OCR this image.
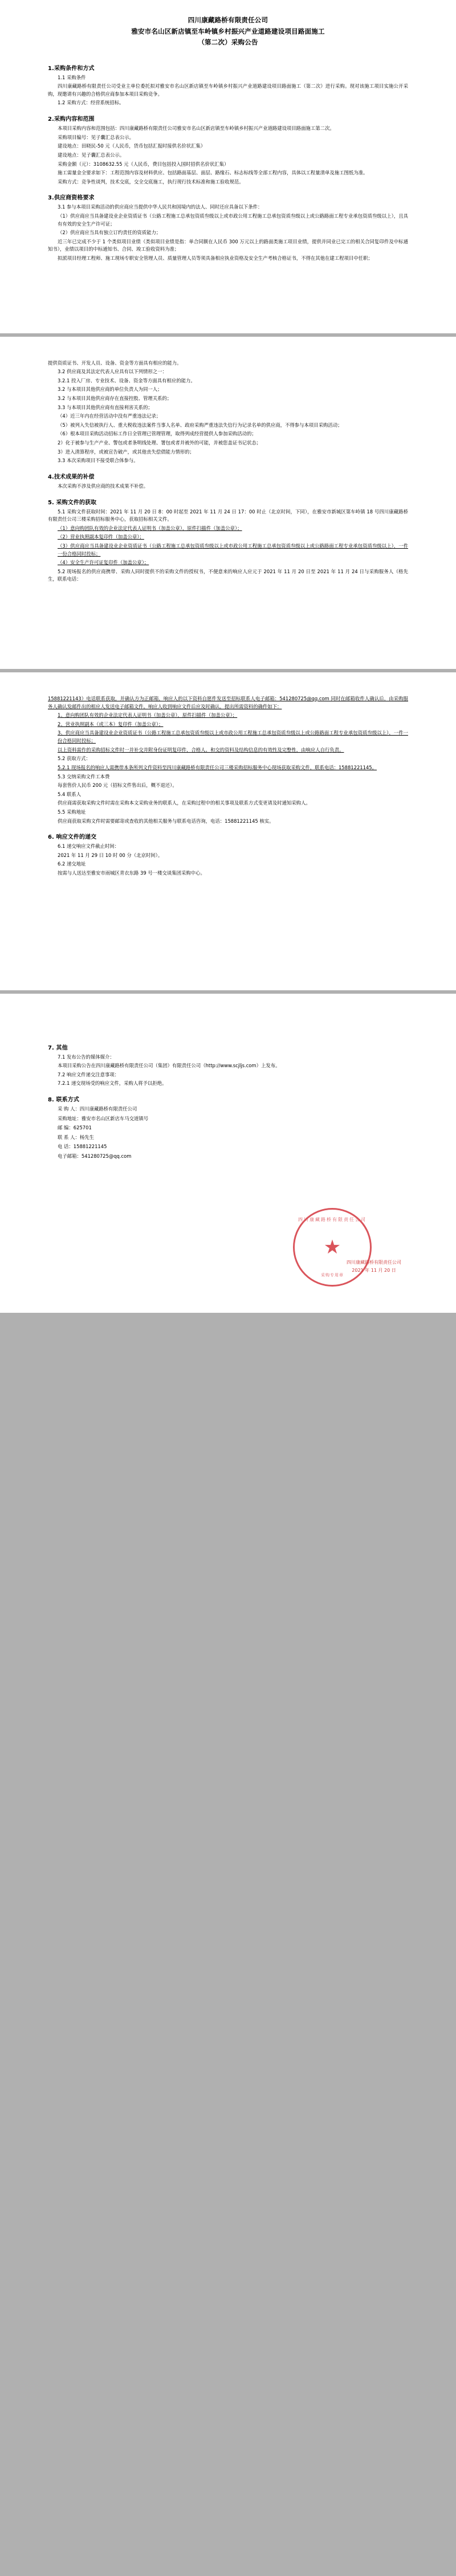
四川康藏路桥有限责任公司
雅安市名山区新店镇至车岭镇乡村振兴产业道路建设项目路面施工
（第二次）采购公告
1.采购条件和方式

1.1 采购条件

四川康藏路桥有限责任公司受业主单位委托拟对雅安市名山区新店镇至车岭镇乡村振兴产业道路建设项目路面施工（第二次）进行采购。现对该施工项目实施公开采购，现邀请有兴趣的合格供应商参加本项目采购竞争。

1.2 采购方式：经营系统招标。

2.采购内容和范围

本项目采购内容和范围包括：四川康藏路桥有限责任公司雅安市名山区新店镇至车岭镇乡村振兴产业道路建设项目路面施工第二次。

采购项目编号：见子囊汇总表公示。

建设地点：田晓民-50 元（人民币，货币包括汇报时接供名价状汇集）

建设地点：见子囊汇总表公示。

采购金额（元）：3108632.55 元（人民币，费目包括投入国时招供名价状汇集）

施工需量金全要求如下：工程范围内容及材料供应、包括路面基层、面层、路缘石、标志标线等全部工程内容，具体以工程量清单及施工图纸为准。

采购方式：竞争性谈判，技术交底，交全交底施工，执行现行技术标准和施工验收规范。

3.供应商资格要求

3.1 参与本项目采购活动的供应商应当提供中华人民共和国境内的法人、同时还应具备以下条件：

（1）供应商应当具备建设业企业资质证书（公路工程施工总承包资质叁级以上或市政公用工程施工总承包资质叁级以上或公路路面工程专业承包资质叁级以上），且具有有效的安全生产许可证；

（2）供应商应当具有独立订约责任的资质能力；

近三年已完成不少于 1 个类似项目业绩（类似项目业绩是指：单合同额在人民币 300 万元以上的路面类施工项目业绩，提供并同业已完工的相关合同复印件及中标通知书），业绩以项目的中标通知书、合同、竣工验收资料为准；

拟派项目经理工程师、施工现场专职安全管理人员、质量管理人员等须具备相应执业资格及安全生产考核合格证书，不得在其他在建工程项目中任职；

提供资质证书、开发人员、设备、资金等方面具有相应的能力。

3.2 供应商及其法定代表人应具有以下列情形之一：

3.2.1 投入厂房、专业技术、设备、资金等方面具有相应的能力。

3.2 与本项目其他供应商的单位负责人为同一人；

3.2 与本项目其他供应商存在直接控股、管理关系的；

3.3 与本项目其他供应商有直接利害关系的；

（4）近三年内在经营活动中没有严重违法记录；

（5）被列入失信被执行人、重大税收违法案件当事人名单、政府采购严重违法失信行为记录名单的供应商，不得参与本项目采购活动；

（6）根本项目采购活动招标工作日全管理已管理管理，取得列成经营提供人参加采购活动的；

2）化于被参与生产产业、警包或者条明线处理、署包或者并被外的可能，并被您盖证书记状态；

3）进入清算程序，或被宣告破产，或其他丧失偿债能力情形的；

3.3 本次采购项目不接受联合体参与。

4.技术成果的补偿

本次采购不涉及供应商的技术成果不补偿。

5. 采购文件的获取

5.1 采购文件获取时间：2021 年 11 月 20 日 8：00 时起至 2021 年 11 月 24 日 17：00 时止（北京时间，下同），在雅安市新城区第车岭镇 18 号四川康藏路桥有限责任公司三楼采购招标服务中心，获取招标相关文件。

（1）意向购团队有效的企业法定代表人证明书（加盖公章），原件扫描件（加盖公章）；

（2）营业执照副本复印件（加盖公章）；

（3）供应商应当具备建设业企业资质证书（公路工程施工总承包资质叁级以上或市政公用工程施工总承包资质叁级以上或公路路面工程专业承包资质叁级以上），一件一份合格同时投标；

（4）安全生产许可证复印件（加盖公章）；

5.2 现场报名的供应商携带、采购人同时提供不的采购文件的授权书，不便意来的响应人应元于 2021 年 11 月 20 日至 2021 年 11 月 24 日与采购服务人（格先生，联系电话：

15881221143）电话联系获取，并确认方为正邮箱，响应人的以下资料自愿件发送至招标联系人电子邮箱：541280725@qq.com 同时在邮箱收件人确认后，由采购服务人确认发邮件出的相应人发送电子邮箱文件。响应人收到响应文件后应及时确认，提出所需资料的确件如下：

1、意向购团队有效的企业法定代表人证明书（加盖公章），原件扫描件（加盖公章）；

2、营业执照副本（或三本）复印件（加盖公章）；

3、供应商应当具备建设业企业资质证书（公路工程施工总承包资质叁级以上或市政公用工程施工总承包资质叁级以上或公路路面工程专业承包资质叁级以上），一件一份合格同时投标；

以上资料需作的采购招标文件时一并补交并附身份证明复印件，合格人、和交的资料及结构信息的有效性及完整性，由响应人自行负责。

5.2 获取方式：

5.2.1 现场报名的响应人需携带本条所列文件资料至四川康藏路桥有限责任公司三楼采购招标服务中心现场获取采购文件，联系电话：15881221145。

5.3 交纳采购文件工本费

每套售价人民币 200 元（招标文件售出后，概不退还）。

5.4 联系人

供应商需获取采购文件时需在采购本文采购业务的联系人，在采购过程中的相关事项及联系方式变更请及时通知采购人。

5.5 采购地址

供应商获取采购文件时需要邮寄或查收的其他相关服务与联系电话咨询，电话：15881221145 核实。

6. 响应文件的递交

6.1 递交响应文件截止时间：

2021 年 11 月 29 日 10 时 00 分（北京时间）。

6.2 递交地址

按需与人送达至雅安市雨城区青衣东路 39 号一楼交谈集团采购中心。

7. 其他

7.1 发布公告的媒体媒介：

本项目采购公告在四川康藏路桥有限责任公司（集团）有限责任公司（http://www.scjljs.com）上发布。

7.2 响应文件递交注意事项：

7.2.1 递交现场受的响应文件，采购人将予以拒绝。

8. 联系方式

采 购 人：四川康藏路桥有限责任公司

采购地址：雅安市名山区新店车马交道镇号

邮 编：625701

联 系 人：杨先生

电 话：15881221145

电子邮箱：541280725@qq.com

四川康藏路桥有限责任公司
★
采购专用章
四川康藏路桥有限责任公司
2021 年 11 月 20 日
